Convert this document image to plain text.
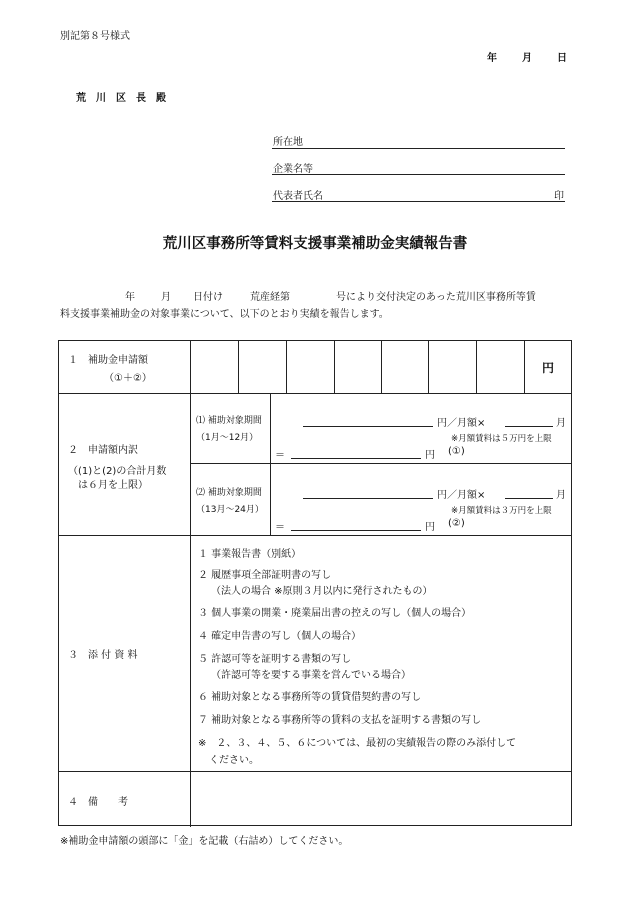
別記第８号様式
年	月	日
荒　川　区　長　殿
所在地
企業名等
代表者氏名	印
荒川区事務所等賃料支援事業補助金実績報告書
年	月 日付け	荒産経第	号により交付決定のあった荒川区事務所等賃
料支援事業補助金の対象事業について、以下のとおり実績を報告します。
１　補助金申請額
（①＋②）
円
２　申請額内訳
（(1)と(2)の合計月数
は６月を上限）
⑴ 補助対象期間
（1月～12月）
円／月額×	月
※月額賃料は５万円を上限
＝	円 (①)
⑵ 補助対象期間
（13月～24月）
円／月額×	月
※月額賃料は３万円を上限
＝	円 (②)
３　添 付 資 料
１ 事業報告書（別紙）
２ 履歴事項全部証明書の写し
（法人の場合 ※原則３月以内に発行されたもの）
３ 個人事業の開業・廃業届出書の控えの写し（個人の場合）
４ 確定申告書の写し（個人の場合）
５ 許認可等を証明する書類の写し
（許認可等を要する事業を営んでいる場合）
６ 補助対象となる事務所等の賃貸借契約書の写し
７ 補助対象となる事務所等の賃料の支払を証明する書類の写し
※　２、３、４、５、６については、最初の実績報告の際のみ添付して
ください。
４　備　　考
※補助金申請額の頭部に「金」を記載（右詰め）してください。
